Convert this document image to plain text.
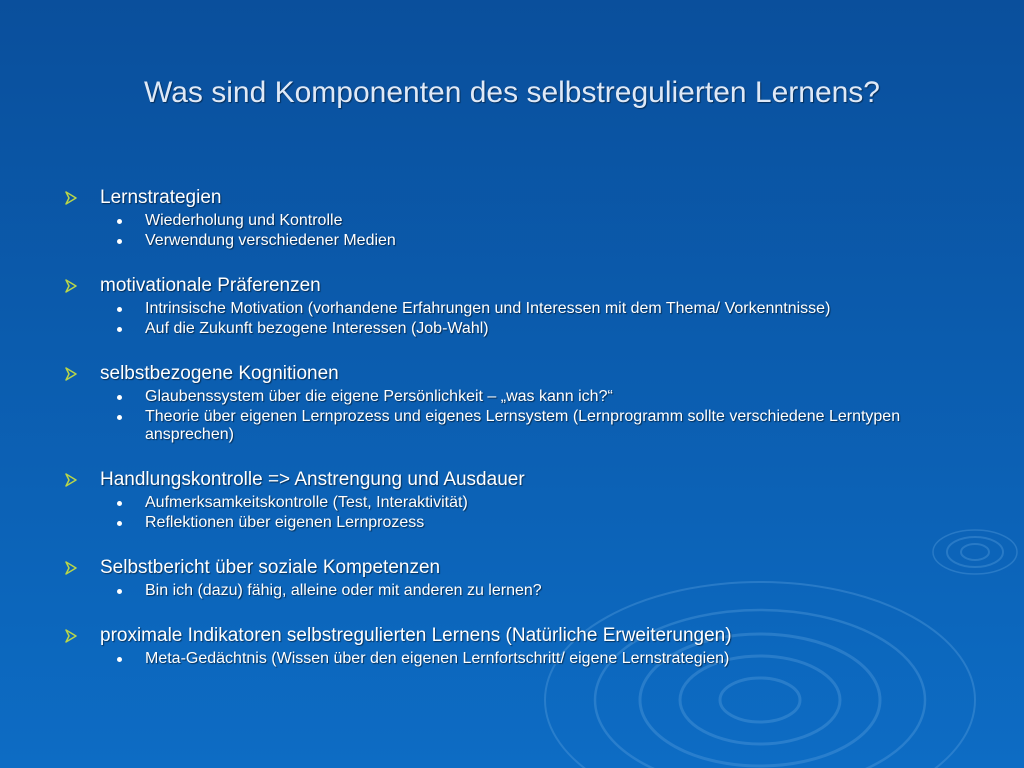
Was sind Komponenten des selbstregulierten Lernens?
Lernstrategien
Wiederholung und Kontrolle
Verwendung verschiedener Medien
motivationale Präferenzen
Intrinsische Motivation (vorhandene Erfahrungen und Interessen mit dem Thema/ Vorkenntnisse)
Auf die Zukunft bezogene Interessen (Job-Wahl)
selbstbezogene Kognitionen
Glaubenssystem über die eigene Persönlichkeit – „was kann ich?“
Theorie über eigenen Lernprozess und eigenes Lernsystem (Lernprogramm sollte verschiedene Lerntypen ansprechen)
Handlungskontrolle => Anstrengung und Ausdauer
Aufmerksamkeitskontrolle (Test, Interaktivität)
Reflektionen über eigenen Lernprozess
Selbstbericht über soziale Kompetenzen
Bin ich (dazu) fähig, alleine oder mit anderen zu lernen?
proximale Indikatoren selbstregulierten Lernens (Natürliche Erweiterungen)
Meta-Gedächtnis (Wissen über den eigenen Lernfortschritt/ eigene Lernstrategien)
